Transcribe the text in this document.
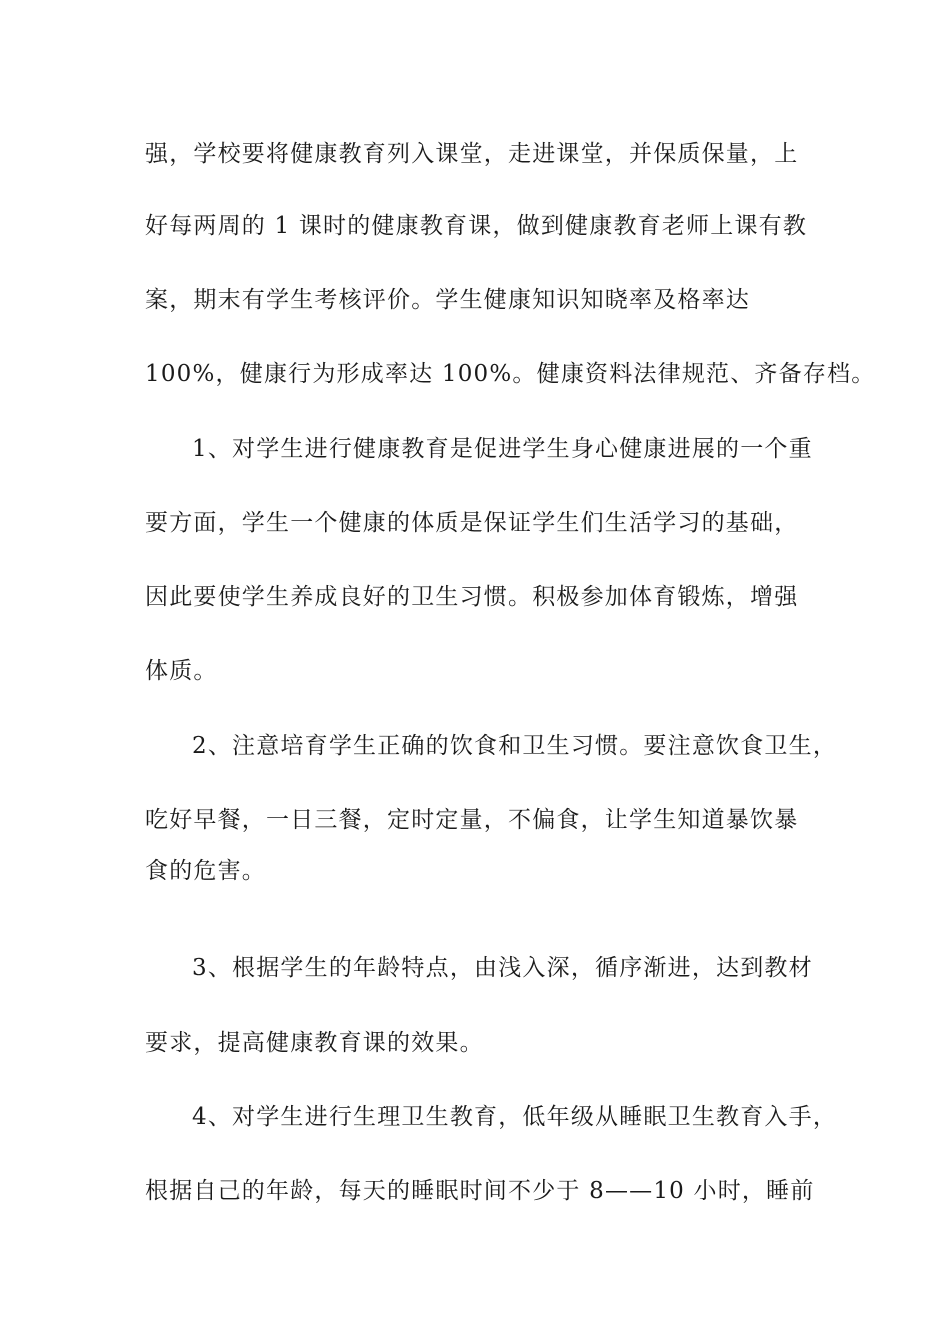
强，学校要将健康教育列入课堂，走进课堂，并保质保量，上
好每两周的 1 课时的健康教育课，做到健康教育老师上课有教
案，期末有学生考核评价。学生健康知识知晓率及格率达
100%，健康行为形成率达 100%。健康资料法律规范、齐备存档。
1、对学生进行健康教育是促进学生身心健康进展的一个重
要方面，学生一个健康的体质是保证学生们生活学习的基础，
因此要使学生养成良好的卫生习惯。积极参加体育锻炼，增强
体质。
2、注意培育学生正确的饮食和卫生习惯。要注意饮食卫生，
吃好早餐，一日三餐，定时定量，不偏食，让学生知道暴饮暴
食的危害。
3、根据学生的年龄特点，由浅入深，循序渐进，达到教材
要求，提高健康教育课的效果。
4、对学生进行生理卫生教育，低年级从睡眠卫生教育入手，
根据自己的年龄，每天的睡眠时间不少于 8——10 小时，睡前
